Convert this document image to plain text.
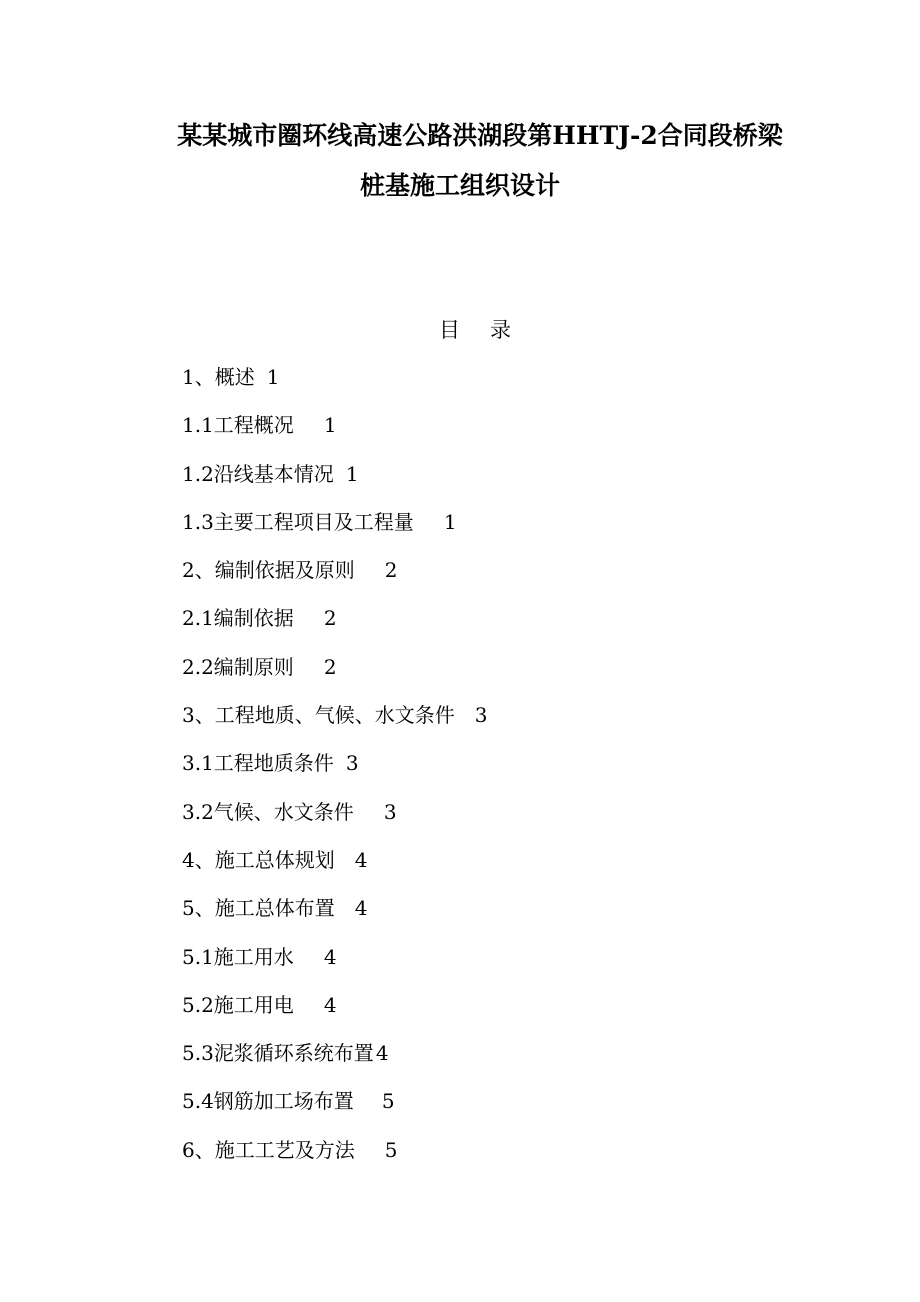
某某城市圈环线高速公路洪湖段第HHTJ-2合同段桥梁
桩基施工组织设计
目 录
1、概述 1
1.1工程概况 1
1.2沿线基本情况 1
1.3主要工程项目及工程量 1
2、编制依据及原则 2
2.1编制依据 2
2.2编制原则 2
3、工程地质、气候、水文条件 3
3.1工程地质条件 3
3.2气候、水文条件 3
4、施工总体规划 4
5、施工总体布置 4
5.1施工用水 4
5.2施工用电 4
5.3泥浆循环系统布置 4
5.4钢筋加工场布置 5
6、施工工艺及方法 5
